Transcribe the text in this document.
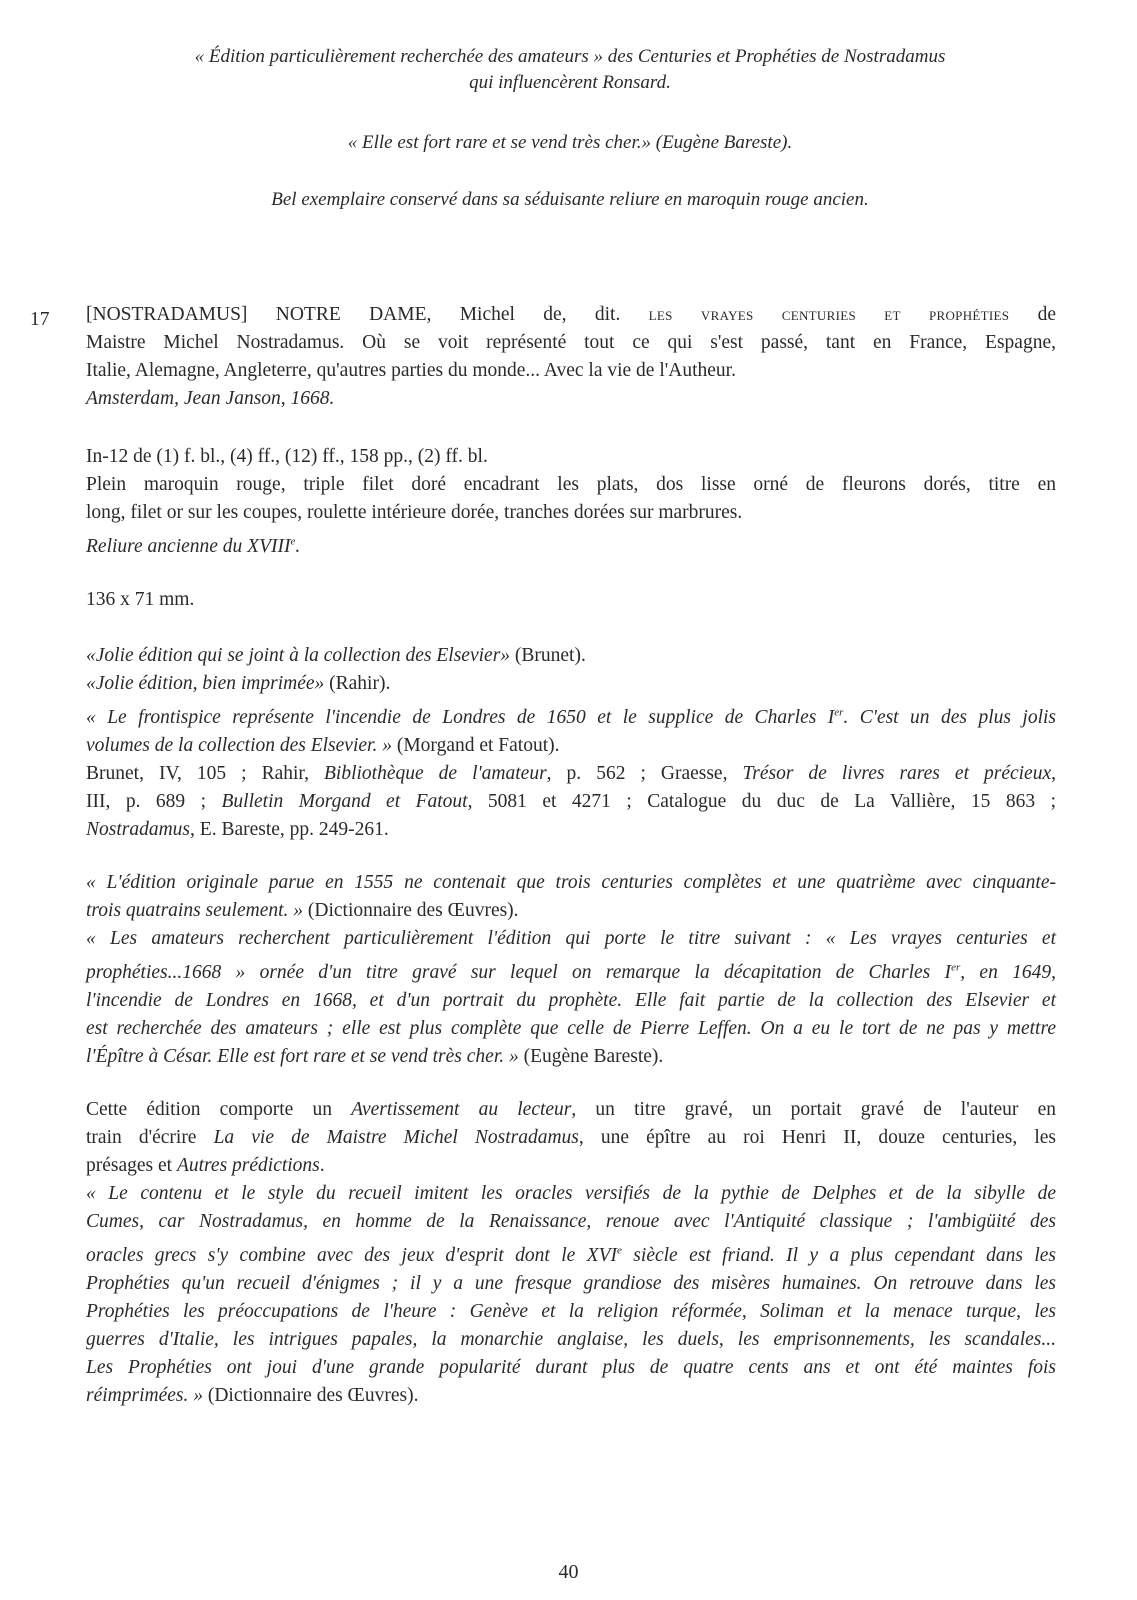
« Édition particulièrement recherchée des amateurs » des Centuries et Prophéties de Nostradamus
qui influencèrent Ronsard.
« Elle est fort rare et se vend très cher.» (Eugène Bareste).
Bel exemplaire conservé dans sa séduisante reliure en maroquin rouge ancien.
17 [NOSTRADAMUS] NOTRE DAME, Michel de, dit. les vrayes centuries et prophéties de
Maistre Michel Nostradamus. Où se voit représenté tout ce qui s'est passé, tant en France, Espagne,
Italie, Alemagne, Angleterre, qu'autres parties du monde... Avec la vie de l'Autheur.
Amsterdam, Jean Janson, 1668.
In-12 de (1) f. bl., (4) ff., (12) ff., 158 pp., (2) ff. bl.
Plein maroquin rouge, triple filet doré encadrant les plats, dos lisse orné de fleurons dorés, titre en
long, filet or sur les coupes, roulette intérieure dorée, tranches dorées sur marbrures.
Reliure ancienne du XVIIIe.
136 x 71 mm.
«Jolie édition qui se joint à la collection des Elsevier» (Brunet).
«Jolie édition, bien imprimée» (Rahir).
« Le frontispice représente l'incendie de Londres de 1650 et le supplice de Charles Ier. C'est un des plus jolis
volumes de la collection des Elsevier. » (Morgand et Fatout).
Brunet, IV, 105 ; Rahir, Bibliothèque de l'amateur, p. 562 ; Graesse, Trésor de livres rares et précieux,
III, p. 689 ; Bulletin Morgand et Fatout, 5081 et 4271 ; Catalogue du duc de La Vallière, 15 863 ;
Nostradamus, E. Bareste, pp. 249-261.
« L'édition originale parue en 1555 ne contenait que trois centuries complètes et une quatrième avec cinquante-
trois quatrains seulement. » (Dictionnaire des Œuvres).
« Les amateurs recherchent particulièrement l'édition qui porte le titre suivant : « Les vrayes centuries et
prophéties...1668 » ornée d'un titre gravé sur lequel on remarque la décapitation de Charles Ier, en 1649,
l'incendie de Londres en 1668, et d'un portrait du prophète. Elle fait partie de la collection des Elsevier et
est recherchée des amateurs ; elle est plus complète que celle de Pierre Leffen. On a eu le tort de ne pas y mettre
l'Épître à César. Elle est fort rare et se vend très cher. » (Eugène Bareste).
Cette édition comporte un Avertissement au lecteur, un titre gravé, un portait gravé de l'auteur en
train d'écrire La vie de Maistre Michel Nostradamus, une épître au roi Henri II, douze centuries, les
présages et Autres prédictions.
« Le contenu et le style du recueil imitent les oracles versifiés de la pythie de Delphes et de la sibylle de
Cumes, car Nostradamus, en homme de la Renaissance, renoue avec l'Antiquité classique ; l'ambigüité des
oracles grecs s'y combine avec des jeux d'esprit dont le XVIe siècle est friand. Il y a plus cependant dans les
Prophéties qu'un recueil d'énigmes ; il y a une fresque grandiose des misères humaines. On retrouve dans les
Prophéties les préoccupations de l'heure : Genève et la religion réformée, Soliman et la menace turque, les
guerres d'Italie, les intrigues papales, la monarchie anglaise, les duels, les emprisonnements, les scandales...
Les Prophéties ont joui d'une grande popularité durant plus de quatre cents ans et ont été maintes fois
réimprimées. » (Dictionnaire des Œuvres).
40
